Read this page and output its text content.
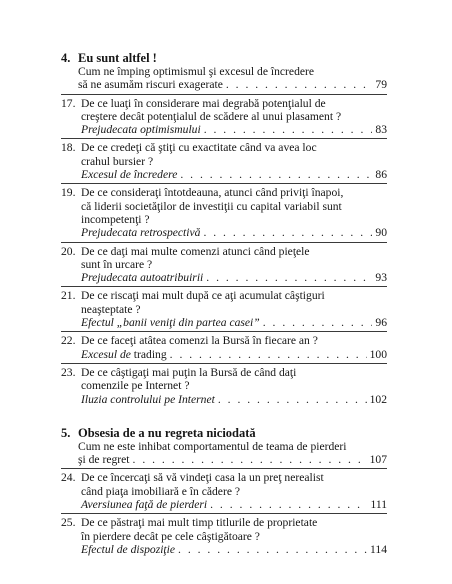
4. Eu sunt altfel !
Cum ne împing optimismul şi excesul de încredere
să ne asumăm riscuri exagerate . . .	79
17. De ce luaţi în considerare mai degrabă potenţialul de
creştere decât potenţialul de scădere al unui plasament ?
Prejudecata optimismului . . .	83
18. De ce credeţi că ştiţi cu exactitate când va avea loc
crahul bursier ?
Excesul de încredere . . .	86
19. De ce consideraţi întotdeauna, atunci când priviţi înapoi,
că liderii societăţilor de investiţii cu capital variabil sunt
incompetenţi ?
Prejudecata retrospectivă . . .	90
20. De ce daţi mai multe comenzi atunci când pieţele
sunt în urcare ?
Prejudecata autoatribuirii . . .	93
21. De ce riscaţi mai mult după ce aţi acumulat câştiguri
neaşteptate ?
Efectul „banii veniţi din partea casei” . . .	96
22. De ce faceţi atâtea comenzi la Bursă în fiecare an ?
Excesul de trading . . .	100
23. De ce câştigaţi mai puţin la Bursă de când daţi
comenzile pe Internet ?
Iluzia controlului pe Internet . . .	102
5. Obsesia de a nu regreta niciodată
Cum ne este inhibat comportamentul de teama de pierderi
şi de regret . . .	107
24. De ce încercaţi să vă vindeţi casa la un preţ nerealist
când piaţa imobiliară e în cădere ?
Aversiunea faţă de pierderi . . .	111
25. De ce păstraţi mai mult timp titlurile de proprietate
în pierdere decât pe cele câştigătoare ?
Efectul de dispoziţie . . .	114
